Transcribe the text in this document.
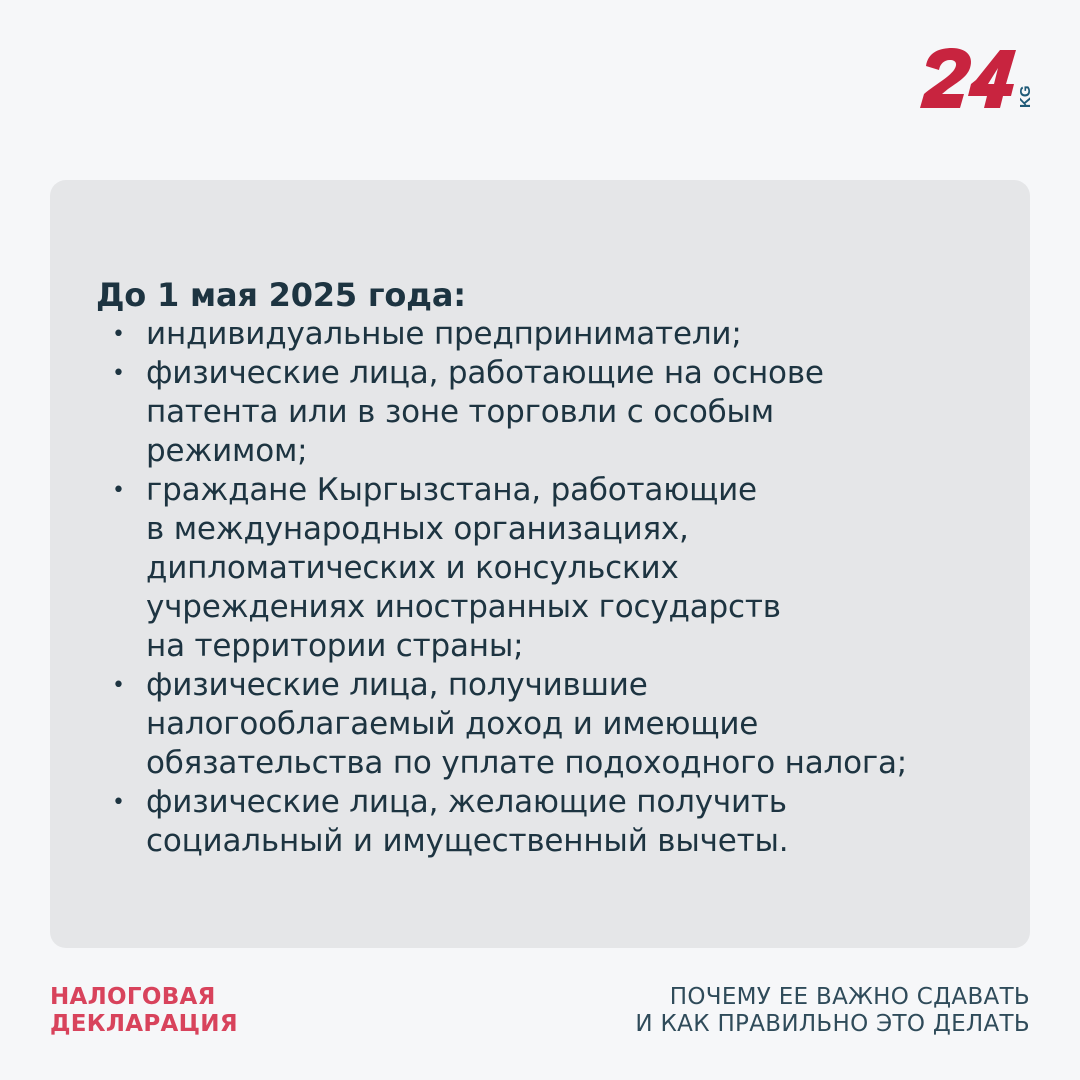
KG
До 1 мая 2025 года:
• индивидуальные предприниматели;
• физические лица, работающие на основе
патента или в зоне торговли с особым
режимом;
• граждане Кыргызстана, работающие
в международных организациях,
дипломатических и консульских
учреждениях иностранных государств
на территории страны;
• физические лица, получившие
налогооблагаемый доход и имеющие
обязательства по уплате подоходного налога;
• физические лица, желающие получить
социальный и имущественный вычеты.
НАЛОГОВАЯ
ДЕКЛАРАЦИЯ
ПОЧЕМУ ЕЕ ВАЖНО СДАВАТЬ
И КАК ПРАВИЛЬНО ЭТО ДЕЛАТЬ
